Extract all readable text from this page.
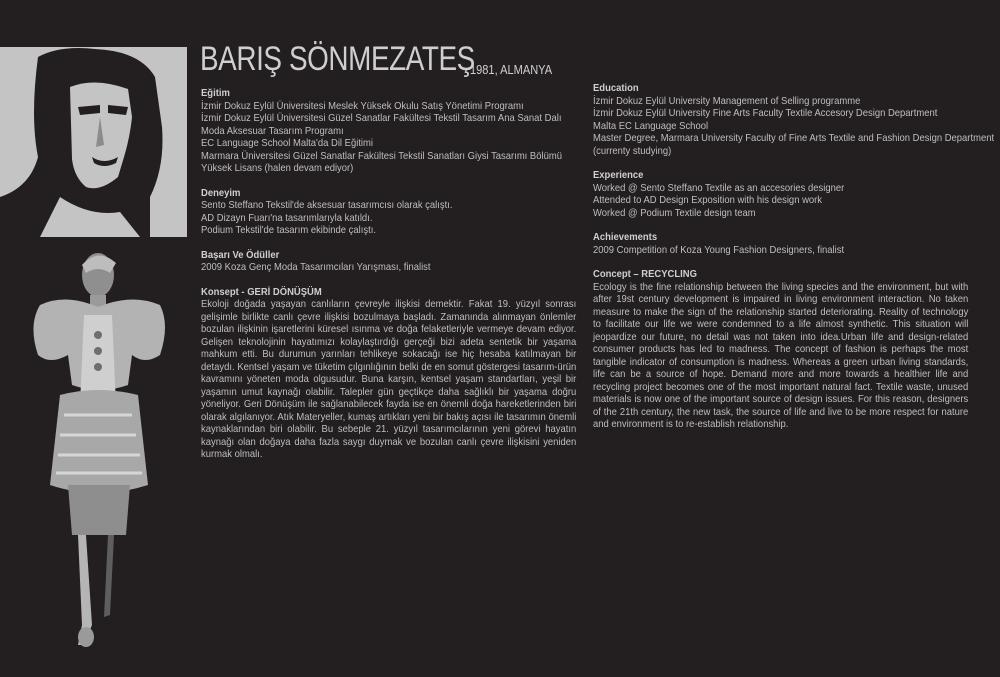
BARIŞ SÖNMEZATEŞ
1981, ALMANYA

Eğitim

İzmir Dokuz Eylül Üniversitesi Meslek Yüksek Okulu Satış Yönetimi Programı

İzmir Dokuz Eylül Üniversitesi Güzel Sanatlar Fakültesi Tekstil Tasarım Ana Sanat Dalı

Moda Aksesuar Tasarım Programı

EC Language School Malta'da Dil Eğitimi

Marmara Üniversitesi Güzel Sanatlar Fakültesi Tekstil Sanatları Giysi Tasarımı Bölümü

Yüksek Lisans (halen devam ediyor)

Deneyim

Sento Steffano Tekstil'de aksesuar tasarımcısı olarak çalıştı.

AD Dizayn Fuarı'na tasarımlarıyla katıldı.

Podium Tekstil'de tasarım ekibinde çalıştı.

Başarı Ve Ödüller

2009 Koza Genç Moda Tasarımcıları Yarışması, finalist

Konsept - GERİ DÖNÜŞÜM

Ekoloji doğada yaşayan canlıların çevreyle ilişkisi demektir. Fakat 19. yüzyıl sonrası gelişimle birlikte canlı çevre ilişkisi bozulmaya başladı. Zamanında alınmayan önlemler bozulan ilişkinin işaretlerini küresel ısınma ve doğa felaketleriyle vermeye devam ediyor. Gelişen teknolojinin hayatımızı kolaylaştırdığı gerçeği bizi adeta sentetik bir yaşama mahkum etti. Bu durumun yarınları tehlikeye sokacağı ise hiç hesaba katılmayan bir detaydı. Kentsel yaşam ve tüketim çılgınlığının belki de en somut göstergesi tasarım-ürün kavramını yöneten moda olgusudur. Buna karşın, kentsel yaşam standartları, yeşil bir yaşamın umut kaynağı olabilir. Talepler gün geçtikçe daha sağlıklı bir yaşama doğru yöneliyor. Geri Dönüşüm ile sağlanabilecek fayda ise en önemli doğa hareketlerinden biri olarak algılanıyor. Atık Materyeller, kumaş artıkları yeni bir bakış açısı ile tasarımın önemli kaynaklarından biri olabilir. Bu sebeple 21. yüzyıl tasarımcılarının yeni görevi hayatın kaynağı olan doğaya daha fazla saygı duymak ve bozulan canlı çevre ilişkisini yeniden kurmak olmalı.

Education

İzmir Dokuz Eylül University Management of Selling programme

İzmir Dokuz Eylül University Fine Arts Faculty Textile Accesory Design Department

Malta EC Language School

Master Degree, Marmara University Faculty of Fine Arts Textile and Fashion Design Department

(currenty studying)

Experience

Worked @ Sento Steffano Textile as an accesories designer

Attended to AD Design Exposition with his design work

Worked @ Podium Textile design team

Achievements

2009 Competition of Koza Young Fashion Designers, finalist

Concept – RECYCLING

Ecology is the fine relationship between the living species and the environment, but with after 19st century development is impaired in living environment interaction. No taken measure to make the sign of the relationship started deteriorating. Reality of technology to facilitate our life we were condemned to a life almost synthetic. This situation will jeopardize our future, no detail was not taken into idea.Urban life and design-related consumer products has led to madness. The concept of fashion is perhaps the most tangible indicator of consumption is madness. Whereas a green urban living standards, life can be a source of hope. Demand more and more towards a healthier life and recycling project becomes one of the most important natural fact. Textile waste, unused materials is now one of the important source of design issues. For this reason, designers of the 21th century, the new task, the source of life and live to be more respect for nature and environment is to re-establish relationship.
